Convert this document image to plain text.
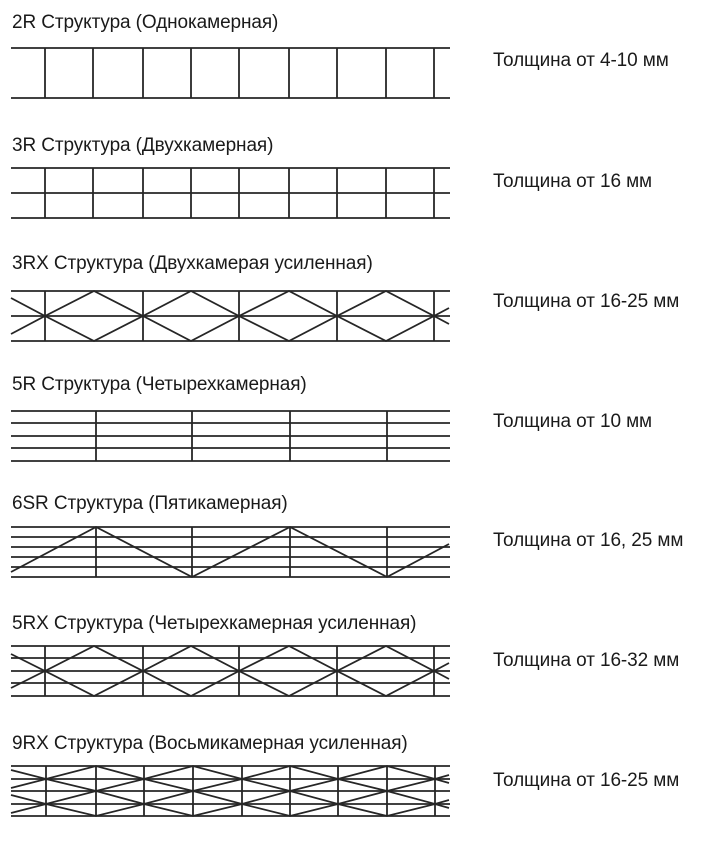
2R Структура (Однокамерная)
Толщина от 4-10 мм
3R Структура (Двухкамерная)
Толщина от 16 мм
3RX Структура (Двухкамерая усиленная)
Толщина от 16-25 мм
5R Структура (Четырехкамерная)
Толщина от 10 мм
6SR Структура (Пятикамерная)
Толщина от 16, 25 мм
5RX Структура (Четырехкамерная усиленная)
Толщина от 16-32 мм
9RX Структура (Восьмикамерная усиленная)
Толщина от 16-25 мм
